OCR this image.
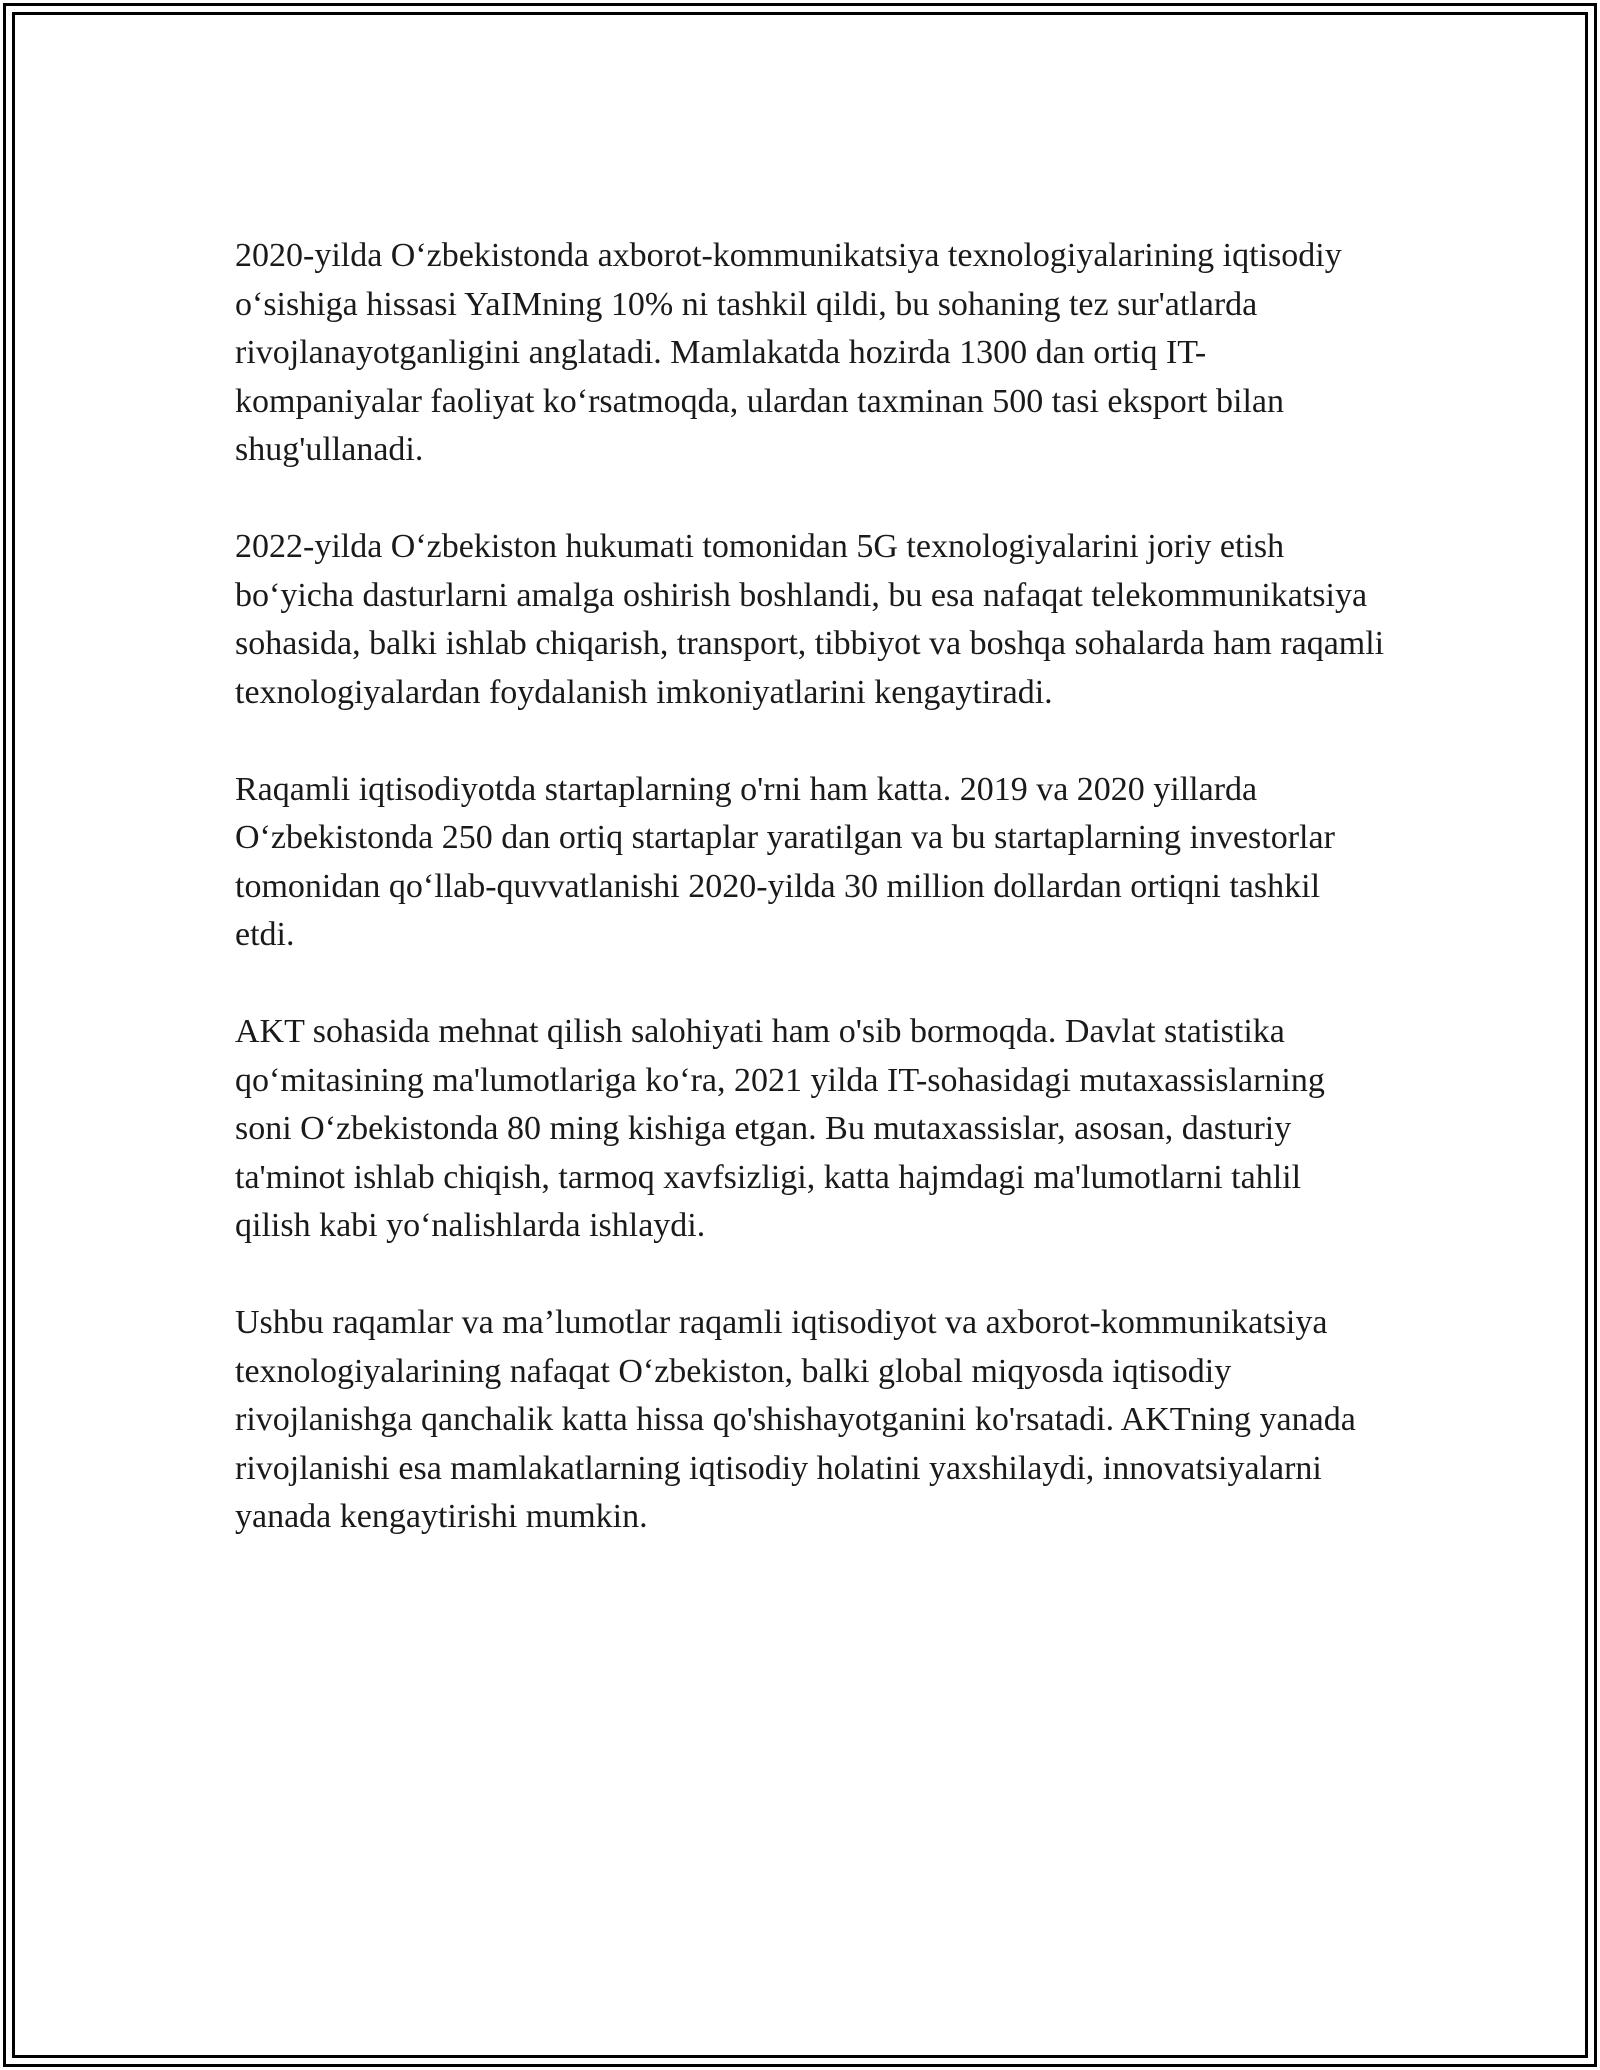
2020-yilda O‘zbekistonda axborot-kommunikatsiya texnologiyalarining iqtisodiy o‘sishiga hissasi YaIMning 10% ni tashkil qildi, bu sohaning tez sur'atlarda rivojlanayotganligini anglatadi. Mamlakatda hozirda 1300 dan ortiq IT-kompaniyalar faoliyat ko‘rsatmoqda, ulardan taxminan 500 tasi eksport bilan shug'ullanadi.

2022-yilda O‘zbekiston hukumati tomonidan 5G texnologiyalarini joriy etish bo‘yicha dasturlarni amalga oshirish boshlandi, bu esa nafaqat telekommunikatsiya sohasida, balki ishlab chiqarish, transport, tibbiyot va boshqa sohalarda ham raqamli texnologiyalardan foydalanish imkoniyatlarini kengaytiradi.

Raqamli iqtisodiyotda startaplarning o'rni ham katta. 2019 va 2020 yillarda O‘zbekistonda 250 dan ortiq startaplar yaratilgan va bu startaplarning investorlar tomonidan qo‘llab-quvvatlanishi 2020-yilda 30 million dollardan ortiqni tashkil etdi.

AKT sohasida mehnat qilish salohiyati ham o'sib bormoqda. Davlat statistika qo‘mitasining ma'lumotlariga ko‘ra, 2021 yilda IT-sohasidagi mutaxassislarning soni O‘zbekistonda 80 ming kishiga etgan. Bu mutaxassislar, asosan, dasturiy ta'minot ishlab chiqish, tarmoq xavfsizligi, katta hajmdagi ma'lumotlarni tahlil qilish kabi yo‘nalishlarda ishlaydi.

Ushbu raqamlar va ma’lumotlar raqamli iqtisodiyot va axborot-kommunikatsiya texnologiyalarining nafaqat O‘zbekiston, balki global miqyosda iqtisodiy rivojlanishga qanchalik katta hissa qo'shishayotganini ko'rsatadi. AKTning yanada rivojlanishi esa mamlakatlarning iqtisodiy holatini yaxshilaydi, innovatsiyalarni yanada kengaytirishi mumkin.
